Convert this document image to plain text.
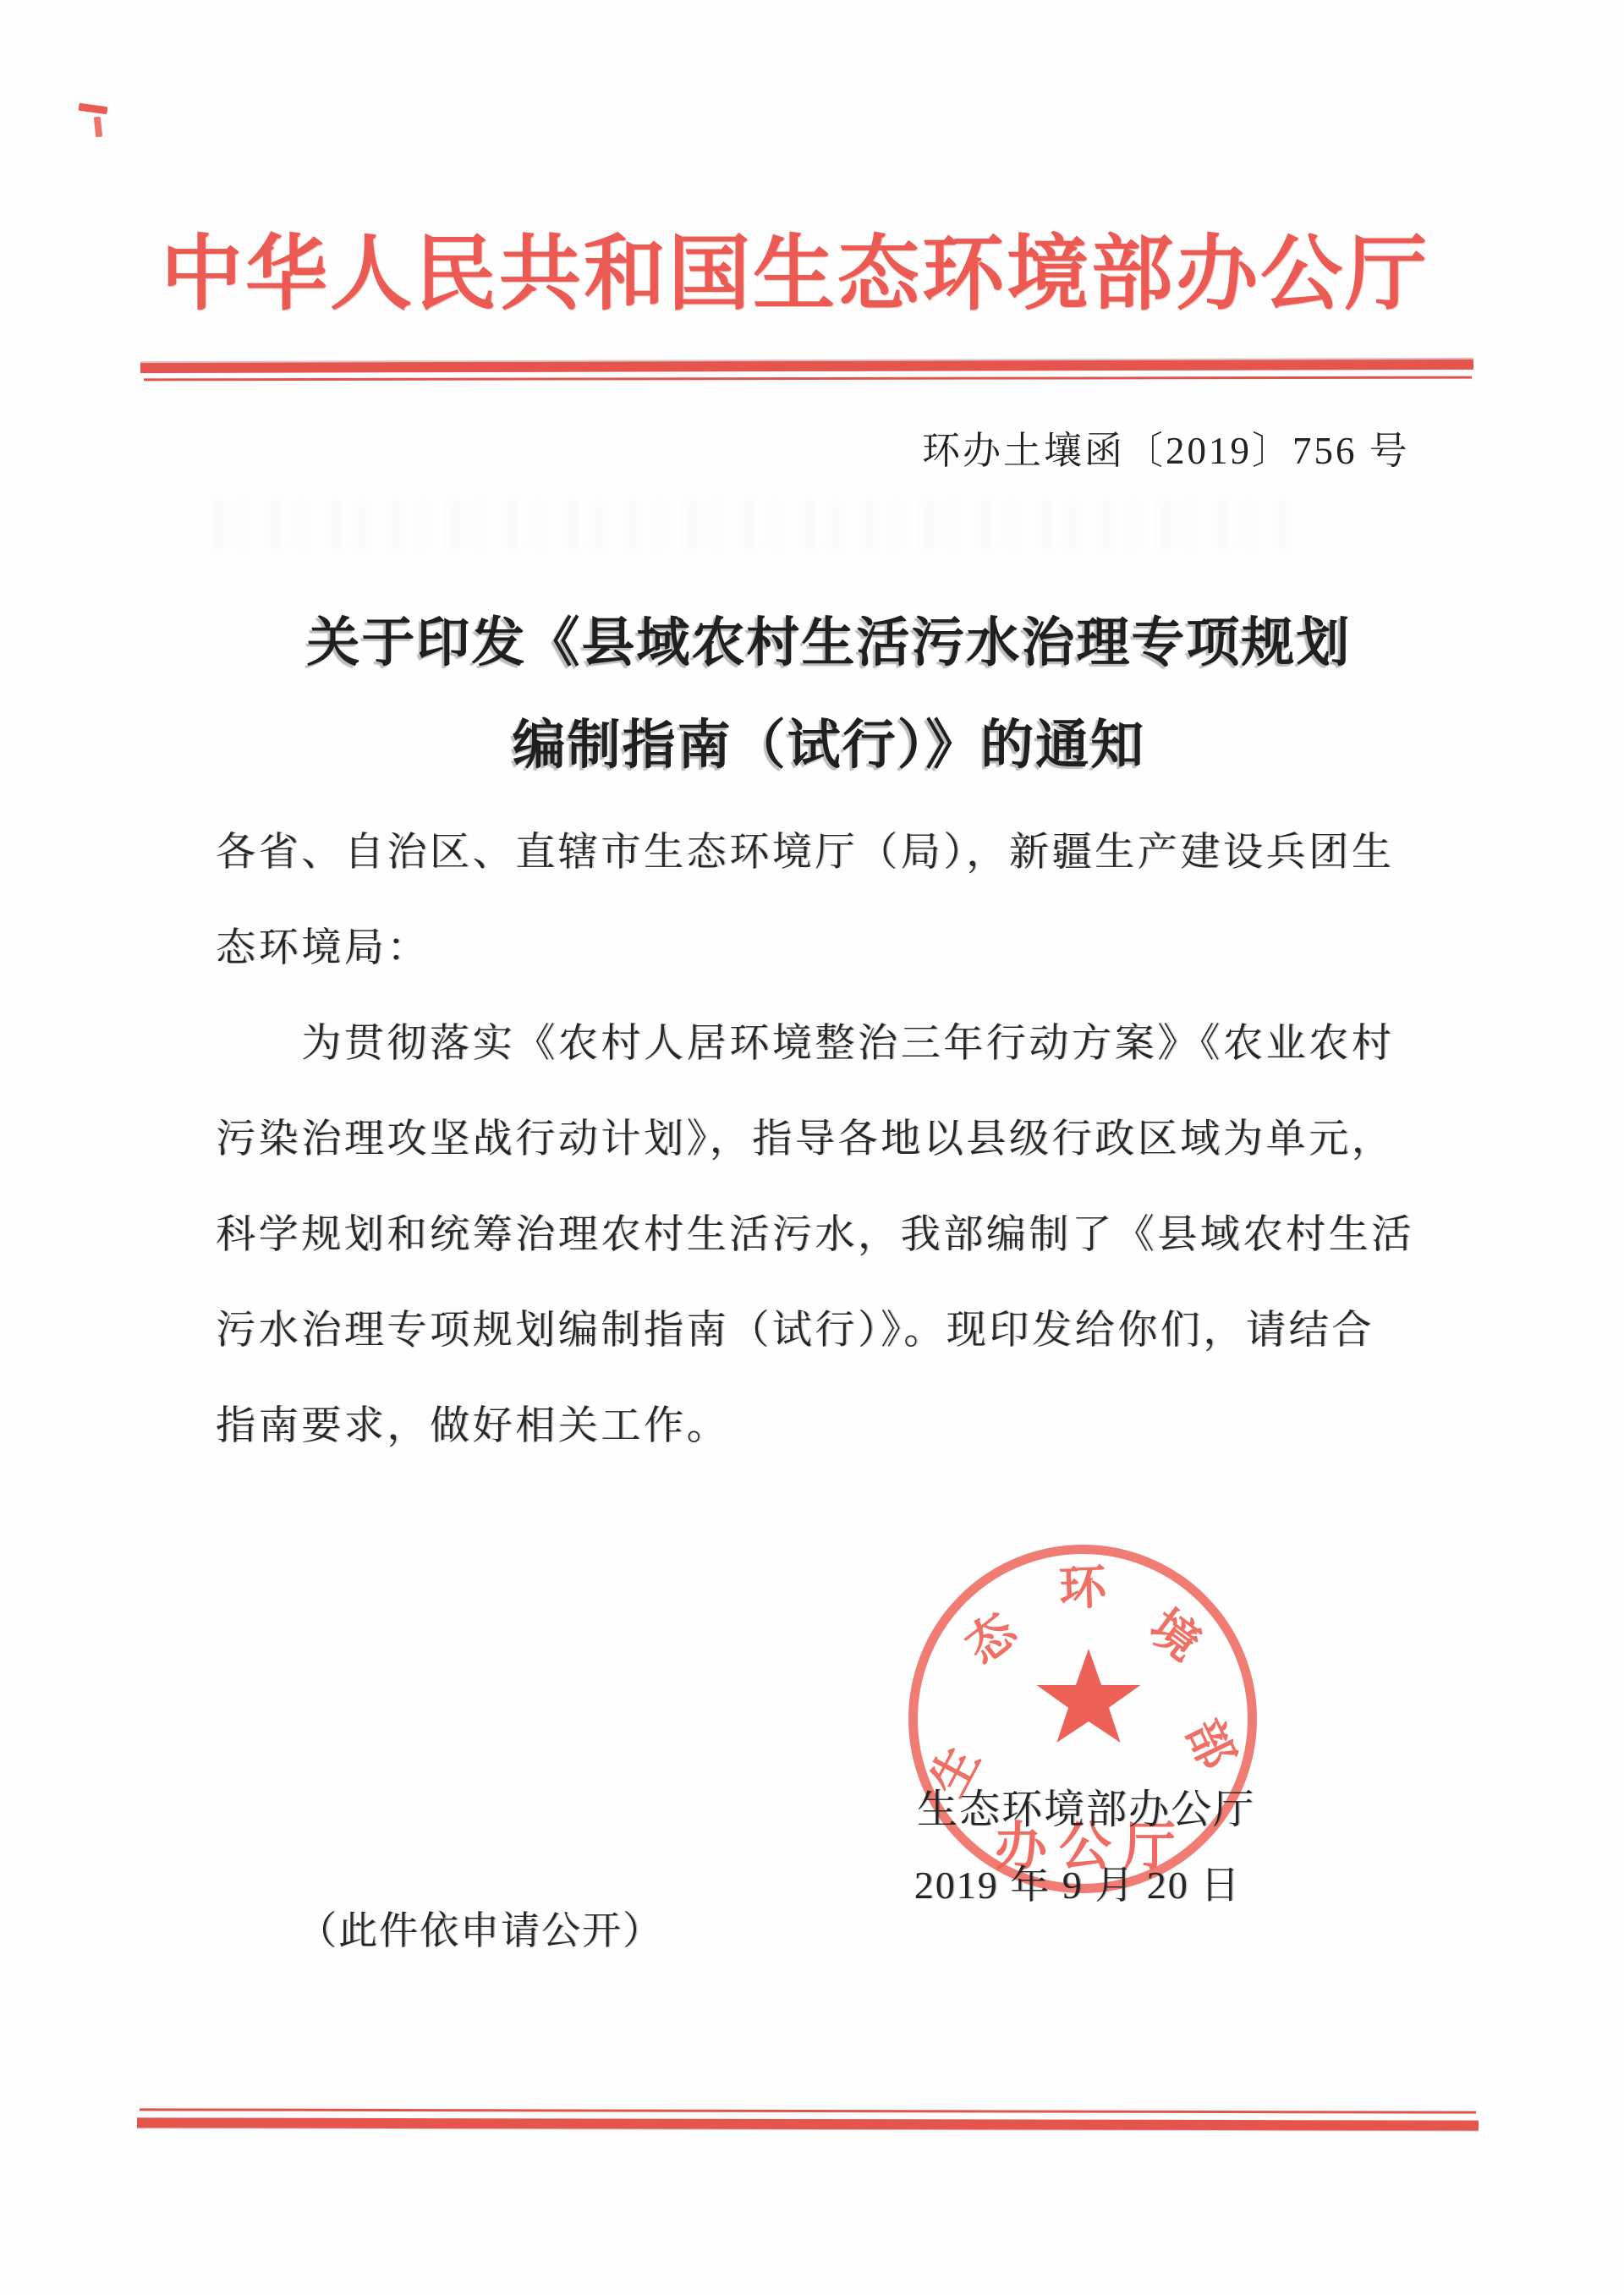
中华人民共和国生态环境部办公厅
环办土壤函〔2019〕756 号
关于印发《县域农村生活污水治理专项规划
编制指南（试行）》的通知
各省、自治区、直辖市生态环境厅（局），新疆生产建设兵团生
态环境局：
　　为贯彻落实《农村人居环境整治三年行动方案》《农业农村
污染治理攻坚战行动计划》，指导各地以县级行政区域为单元，
科学规划和统筹治理农村生活污水，我部编制了《县域农村生活
污水治理专项规划编制指南（试行）》。现印发给你们，请结合
指南要求，做好相关工作。
生
态
环
境
部
办公厅
生态环境部办公厅
2019 年 9 月 20 日
（此件依申请公开）
